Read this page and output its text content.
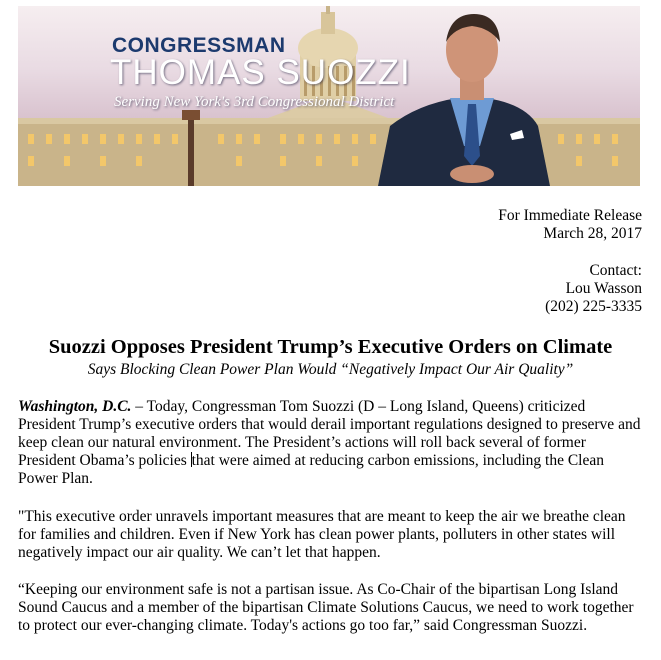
CONGRESSMAN
THOMAS SUOZZI
Serving New York's 3rd Congressional District
For Immediate Release
March 28, 2017
Contact:
Lou Wasson
(202) 225-3335
Suozzi Opposes President Trump’s Executive Orders on Climate
Says Blocking Clean Power Plan Would “Negatively Impact Our Air Quality”

Washington, D.C. – Today, Congressman Tom Suozzi (D – Long Island, Queens) criticized President Trump’s executive orders that would derail important regulations designed to preserve and keep clean our natural environment. The President’s actions will roll back several of former President Obama’s policies that were aimed at reducing carbon emissions, including the Clean Power Plan.

"This executive order unravels important measures that are meant to keep the air we breathe clean for families and children. Even if New York has clean power plants, polluters in other states will negatively impact our air quality. We can’t let that happen.

“Keeping our environment safe is not a partisan issue. As Co-Chair of the bipartisan Long Island Sound Caucus and a member of the bipartisan Climate Solutions Caucus, we need to work together to protect our ever-changing climate. Today's actions go too far,” said Congressman Suozzi.
